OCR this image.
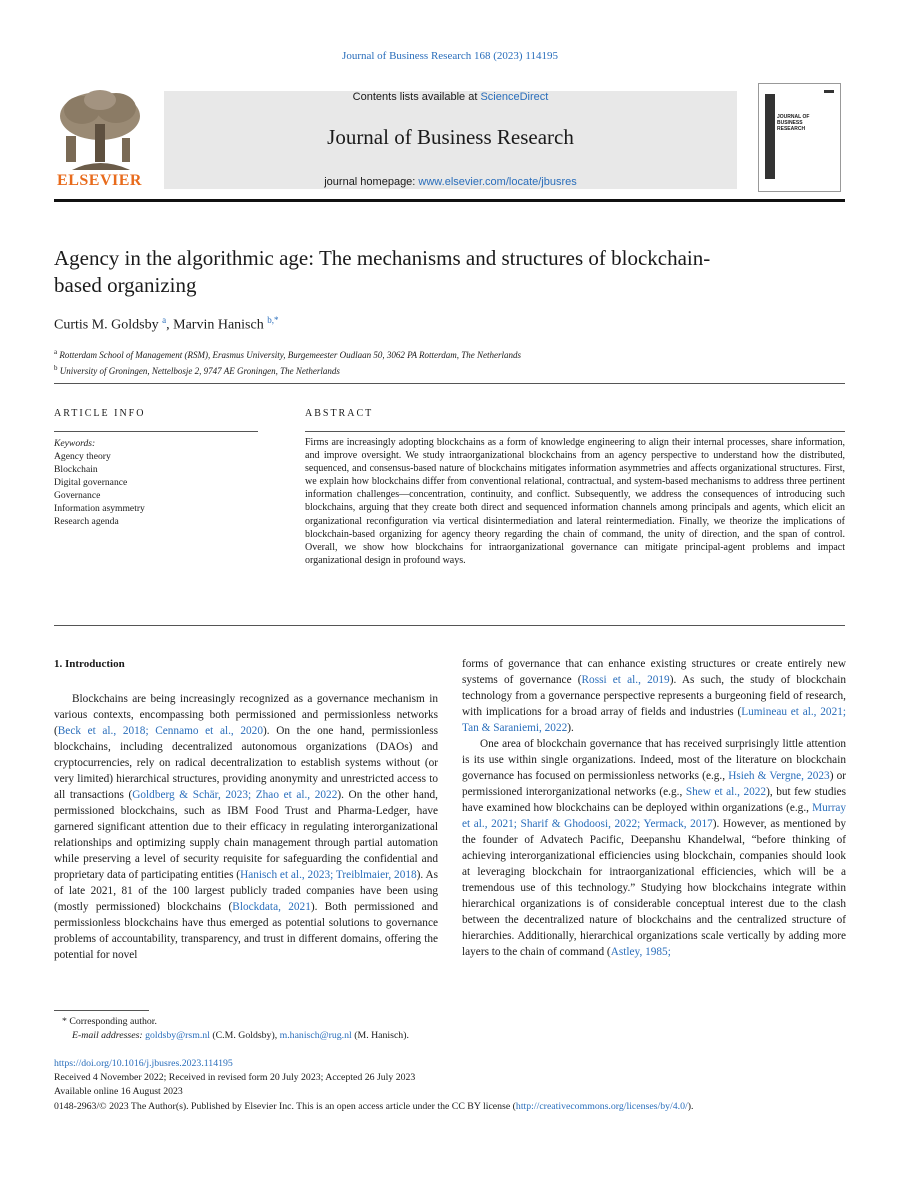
Journal of Business Research 168 (2023) 114195
ELSEVIER
Contents lists available at ScienceDirect
Journal of Business Research
journal homepage: www.elsevier.com/locate/jbusres
JOURNAL OF BUSINESS RESEARCH
Agency in the algorithmic age: The mechanisms and structures of blockchain-based organizing
Curtis M. Goldsby $^a$, Marvin Hanisch $^{b,*}$
$^a$ Rotterdam School of Management (RSM), Erasmus University, Burgemeester Oudlaan 50, 3062 PA Rotterdam, The Netherlands
$^b$ University of Groningen, Nettelbosje 2, 9747 AE Groningen, The Netherlands
ARTICLE INFO	ABSTRACT
Keywords:
Agency theory
Blockchain
Digital governance
Governance
Information asymmetry
Research agenda
Firms are increasingly adopting blockchains as a form of knowledge engineering to align their internal processes, share information, and improve oversight. We study intraorganizational blockchains from an agency perspective to understand how the distributed, sequenced, and consensus-based nature of blockchains mitigates information asymmetries and affects organizational structures. First, we explain how blockchains differ from conventional relational, contractual, and system-based mechanisms to address three pertinent information challenges—concentration, continuity, and conflict. Subsequently, we address the consequences of introducing such blockchains, arguing that they create both direct and sequenced information channels among principals and agents, which elicit an organizational reconfiguration via vertical disintermediation and lateral reintermediation. Finally, we theorize the implications of blockchain-based organizing for agency theory regarding the chain of command, the unity of direction, and the span of control. Overall, we show how blockchains for intraorganizational governance can mitigate principal-agent problems and impact organizational design in profound ways.

1. Introduction

Blockchains are being increasingly recognized as a governance mechanism in various contexts, encompassing both permissioned and permissionless networks (Beck et al., 2018; Cennamo et al., 2020). On the one hand, permissionless blockchains, including decentralized autonomous organizations (DAOs) and cryptocurrencies, rely on radical decentralization to establish systems without (or very limited) hierarchical structures, providing anonymity and unrestricted access to all transactions (Goldberg & Schär, 2023; Zhao et al., 2022). On the other hand, permissioned blockchains, such as IBM Food Trust and Pharma-Ledger, have garnered significant attention due to their efficacy in regulating interorganizational relationships and optimizing supply chain management through partial automation while preserving a level of security requisite for safeguarding the confidential and proprietary data of participating entities (Hanisch et al., 2023; Treiblmaier, 2018). As of late 2021, 81 of the 100 largest publicly traded companies have been using (mostly permissioned) blockchains (Blockdata, 2021). Both permissioned and permissionless blockchains have thus emerged as potential solutions to governance problems of accountability, transparency, and trust in different domains, offering the potential for novel

forms of governance that can enhance existing structures or create entirely new systems of governance (Rossi et al., 2019). As such, the study of blockchain technology from a governance perspective represents a burgeoning field of research, with implications for a broad array of fields and industries (Lumineau et al., 2021; Tan & Saraniemi, 2022).

One area of blockchain governance that has received surprisingly little attention is its use within single organizations. Indeed, most of the literature on blockchain governance has focused on permissionless networks (e.g., Hsieh & Vergne, 2023) or permissioned interorganizational networks (e.g., Shew et al., 2022), but few studies have examined how blockchains can be deployed within organizations (e.g., Murray et al., 2021; Sharif & Ghodoosi, 2022; Yermack, 2017). However, as mentioned by the founder of Advatech Pacific, Deepanshu Khandelwal, “before thinking of achieving interorganizational efficiencies using blockchain, companies should look at leveraging blockchain for intraorganizational efficiencies, which will be a tremendous use of this technology.” Studying how blockchains integrate within hierarchical organizations is of considerable conceptual interest due to the clash between the decentralized nature of blockchains and the centralized structure of hierarchies. Additionally, hierarchical organizations scale vertically by adding more layers to the chain of command (Astley, 1985;

* Corresponding author.
E-mail addresses: goldsby@rsm.nl (C.M. Goldsby), m.hanisch@rug.nl (M. Hanisch).
https://doi.org/10.1016/j.jbusres.2023.114195
Received 4 November 2022; Received in revised form 20 July 2023; Accepted 26 July 2023
Available online 16 August 2023
0148-2963/© 2023 The Author(s). Published by Elsevier Inc. This is an open access article under the CC BY license (http://creativecommons.org/licenses/by/4.0/).
